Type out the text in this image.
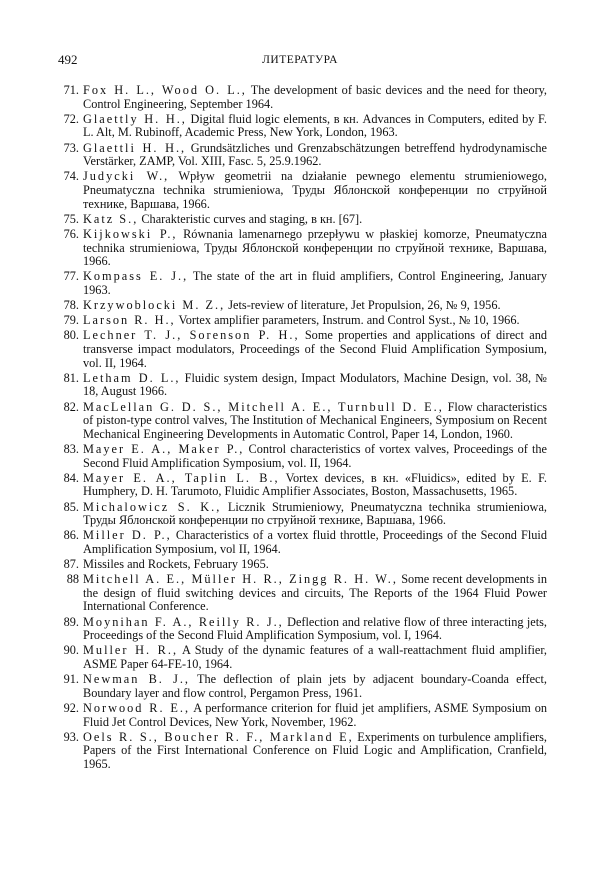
492	ЛИТЕРАТУРА
71. Fox H. L., Wood O. L., The development of basic devices and the need for theory, Control Engineering, September 1964.
72. Glaettly H. H., Digital fluid logic elements, в кн. Advances in Computers, edited by F. L. Alt, M. Rubinoff, Academic Press, New York, London, 1963.
73. Glaettli H. H., Grundsätzliches und Grenzabschätzungen betreffend hydrodynamische Verstärker, ZAMP, Vol. XIII, Fasc. 5, 25.9.1962.
74. Judycki W., Wpływ geometrii na działanie pewnego elementu strumieniowego, Pneumatyczna technika strumieniowa, Труды Яблонской конференции по струйной технике, Варшава, 1966.
75. Katz S., Charakteristic curves and staging, в кн. [67].
76. Kijkowski P., Równania lamenarnego przepływu w płaskiej komorze, Pneumatyczna technika strumieniowa, Труды Яблонской конференции по струйной технике, Варшава, 1966.
77. Kompass E. J., The state of the art in fluid amplifiers, Control Engineering, January 1963.
78. Krzywoblocki M. Z., Jets-review of literature, Jet Propulsion, 26, № 9, 1956.
79. Larson R. H., Vortex amplifier parameters, Instrum. and Control Syst., № 10, 1966.
80. Lechner T. J., Sorenson P. H., Some properties and applications of direct and transverse impact modulators, Proceedings of the Second Fluid Amplification Symposium, vol. II, 1964.
81. Letham D. L., Fluidic system design, Impact Modulators, Machine Design, vol. 38, № 18, August 1966.
82. MacLellan G. D. S., Mitchell A. E., Turnbull D. E., Flow characteristics of piston-type control valves, The Institution of Mechanical Engineers, Symposium on Recent Mechanical Engineering Developments in Automatic Control, Paper 14, London, 1960.
83. Mayer E. A., Maker P., Control characteristics of vortex valves, Proceedings of the Second Fluid Amplification Symposium, vol. II, 1964.
84. Mayer E. A., Taplin L. B., Vortex devices, в кн. «Fluidics», edited by E. F. Humphery, D. H. Tarumoto, Fluidic Amplifier Associates, Boston, Massachusetts, 1965.
85. Michalowicz S. K., Licznik Strumieniowy, Pneumatyczna technika strumieniowa, Труды Яблонской конференции по струйной технике, Варшава, 1966.
86. Miller D. P., Characteristics of a vortex fluid throttle, Proceedings of the Second Fluid Amplification Symposium, vol II, 1964.
87. Missiles and Rockets, February 1965.
88 Mitchell A. E., Müller H. R., Zingg R. H. W., Some recent developments in the design of fluid switching devices and circuits, The Reports of the 1964 Fluid Power International Conference.
89. Moynihan F. A., Reilly R. J., Deflection and relative flow of three interacting jets, Proceedings of the Second Fluid Amplification Symposium, vol. I, 1964.
90. Muller H. R., A Study of the dynamic features of a wall-reattachment fluid amplifier, ASME Paper 64-FE-10, 1964.
91. Newman B. J., The deflection of plain jets by adjacent boundary-Coanda effect, Boundary layer and flow control, Pergamon Press, 1961.
92. Norwood R. E., A performance criterion for fluid jet amplifiers, ASME Symposium on Fluid Jet Control Devices, New York, November, 1962.
93. Oels R. S., Boucher R. F., Markland E, Experiments on turbulence amplifiers, Papers of the First International Conference on Fluid Logic and Amplification, Cranfield, 1965.
